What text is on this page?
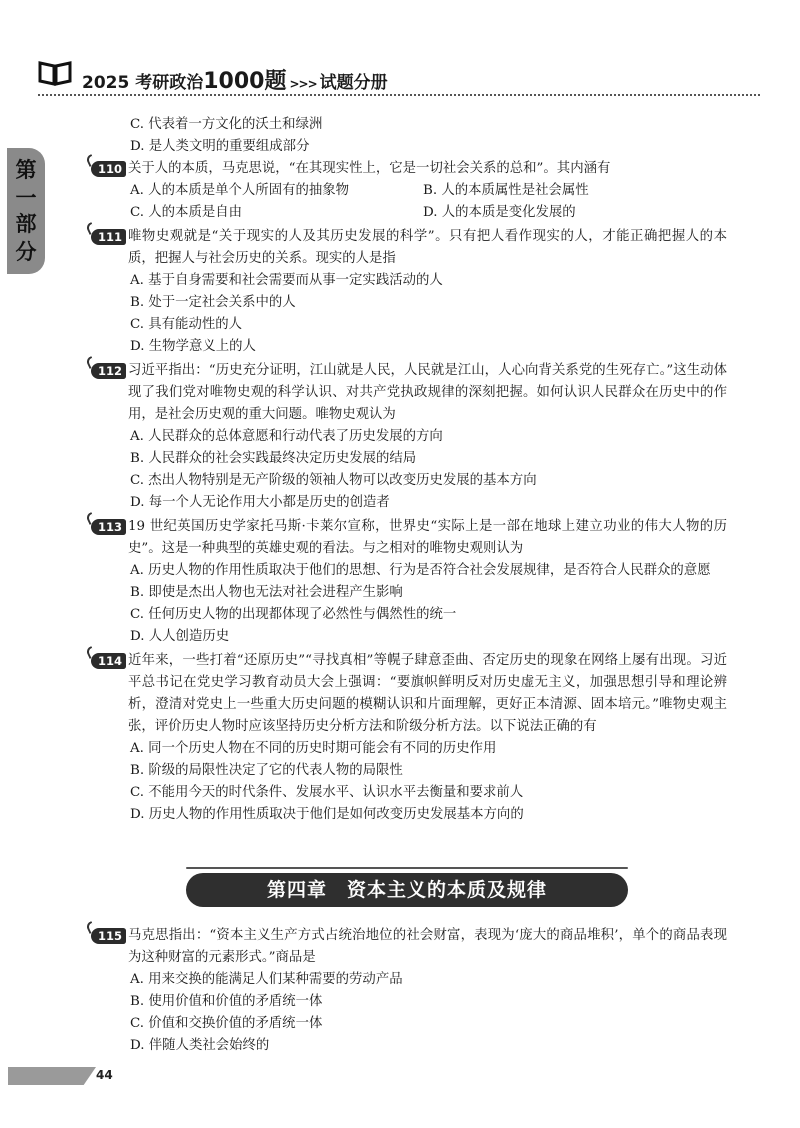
2025 考研政治1000题 >>> 试题分册
第
一
部
分
C. 代表着一方文化的沃土和绿洲
D. 是人类文明的重要组成部分
110 关于人的本质，马克思说，“在其现实性上，它是一切社会关系的总和”。其内涵有
A. 人的本质是单个人所固有的抽象物	B. 人的本质属性是社会属性
C. 人的本质是自由	D. 人的本质是变化发展的
111 唯物史观就是“关于现实的人及其历史发展的科学”。只有把人看作现实的人，才能正确把握人的本质，把握人与社会历史的关系。现实的人是指
A. 基于自身需要和社会需要而从事一定实践活动的人
B. 处于一定社会关系中的人
C. 具有能动性的人
D. 生物学意义上的人
112 习近平指出：“历史充分证明，江山就是人民，人民就是江山，人心向背关系党的生死存亡。”这生动体现了我们党对唯物史观的科学认识、对共产党执政规律的深刻把握。如何认识人民群众在历史中的作用，是社会历史观的重大问题。唯物史观认为
A. 人民群众的总体意愿和行动代表了历史发展的方向
B. 人民群众的社会实践最终决定历史发展的结局
C. 杰出人物特别是无产阶级的领袖人物可以改变历史发展的基本方向
D. 每一个人无论作用大小都是历史的创造者
113 19 世纪英国历史学家托马斯·卡莱尔宣称，世界史“实际上是一部在地球上建立功业的伟大人物的历史”。这是一种典型的英雄史观的看法。与之相对的唯物史观则认为
A. 历史人物的作用性质取决于他们的思想、行为是否符合社会发展规律，是否符合人民群众的意愿
B. 即使是杰出人物也无法对社会进程产生影响
C. 任何历史人物的出现都体现了必然性与偶然性的统一
D. 人人创造历史
114 近年来，一些打着“还原历史”“寻找真相”等幌子肆意歪曲、否定历史的现象在网络上屡有出现。习近平总书记在党史学习教育动员大会上强调：“要旗帜鲜明反对历史虚无主义，加强思想引导和理论辨析，澄清对党史上一些重大历史问题的模糊认识和片面理解，更好正本清源、固本培元。”唯物史观主张，评价历史人物时应该坚持历史分析方法和阶级分析方法。以下说法正确的有
A. 同一个历史人物在不同的历史时期可能会有不同的历史作用
B. 阶级的局限性决定了它的代表人物的局限性
C. 不能用今天的时代条件、发展水平、认识水平去衡量和要求前人
D. 历史人物的作用性质取决于他们是如何改变历史发展基本方向的
第四章　资本主义的本质及规律
115 马克思指出：“资本主义生产方式占统治地位的社会财富，表现为‘庞大的商品堆积’，单个的商品表现为这种财富的元素形式。”商品是
A. 用来交换的能满足人们某种需要的劳动产品
B. 使用价值和价值的矛盾统一体
C. 价值和交换价值的矛盾统一体
D. 伴随人类社会始终的
44
